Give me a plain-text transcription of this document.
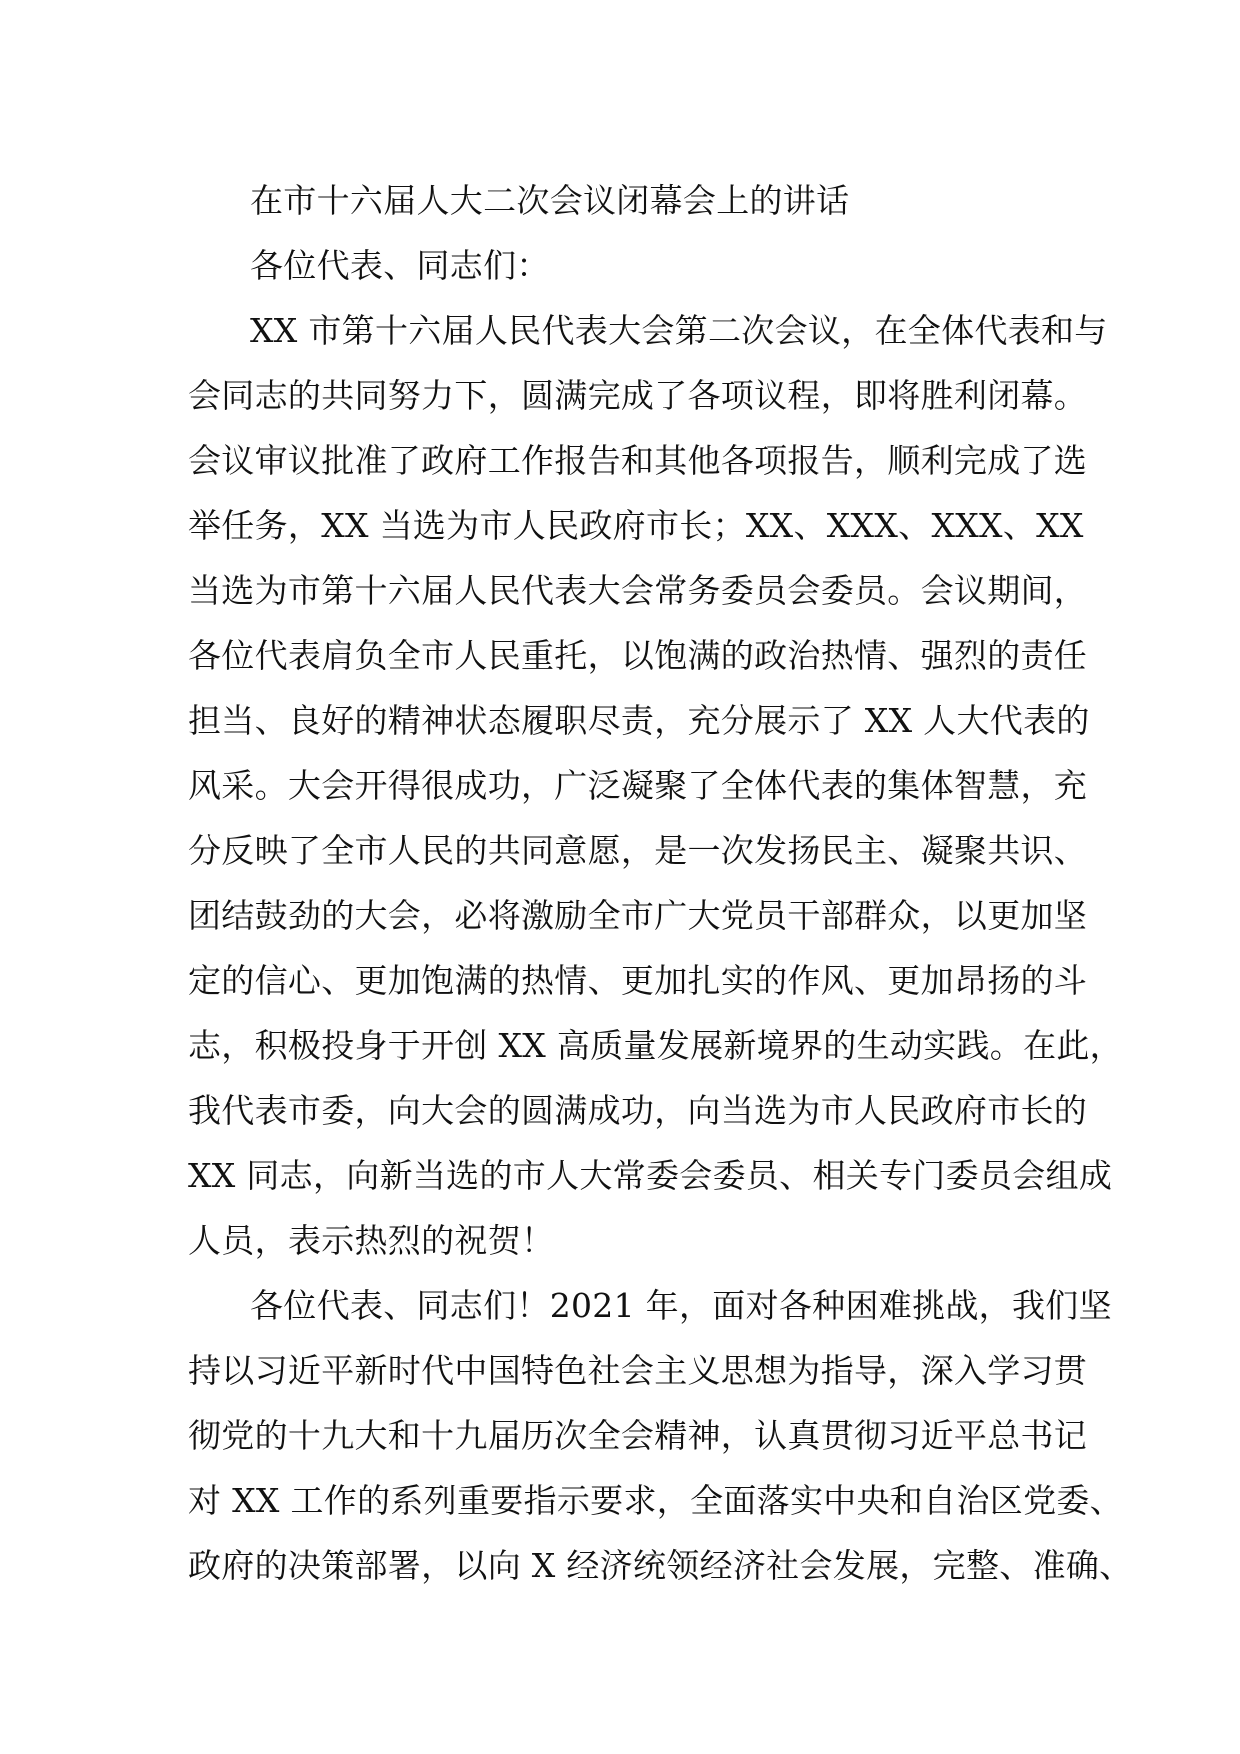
在市十六届人大二次会议闭幕会上的讲话
各位代表、同志们：
XX 市第十六届人民代表大会第二次会议，在全体代表和与
会同志的共同努力下，圆满完成了各项议程，即将胜利闭幕。
会议审议批准了政府工作报告和其他各项报告，顺利完成了选
举任务，XX 当选为市人民政府市长；XX、XXX、XXX、XX
当选为市第十六届人民代表大会常务委员会委员。会议期间，
各位代表肩负全市人民重托，以饱满的政治热情、强烈的责任
担当、良好的精神状态履职尽责，充分展示了 XX 人大代表的
风采。大会开得很成功，广泛凝聚了全体代表的集体智慧，充
分反映了全市人民的共同意愿，是一次发扬民主、凝聚共识、
团结鼓劲的大会，必将激励全市广大党员干部群众，以更加坚
定的信心、更加饱满的热情、更加扎实的作风、更加昂扬的斗
志，积极投身于开创 XX 高质量发展新境界的生动实践。在此，
我代表市委，向大会的圆满成功，向当选为市人民政府市长的
XX 同志，向新当选的市人大常委会委员、相关专门委员会组成
人员，表示热烈的祝贺！
各位代表、同志们！2021 年，面对各种困难挑战，我们坚
持以习近平新时代中国特色社会主义思想为指导，深入学习贯
彻党的十九大和十九届历次全会精神，认真贯彻习近平总书记
对 XX 工作的系列重要指示要求，全面落实中央和自治区党委、
政府的决策部署，以向 X 经济统领经济社会发展，完整、准确、
